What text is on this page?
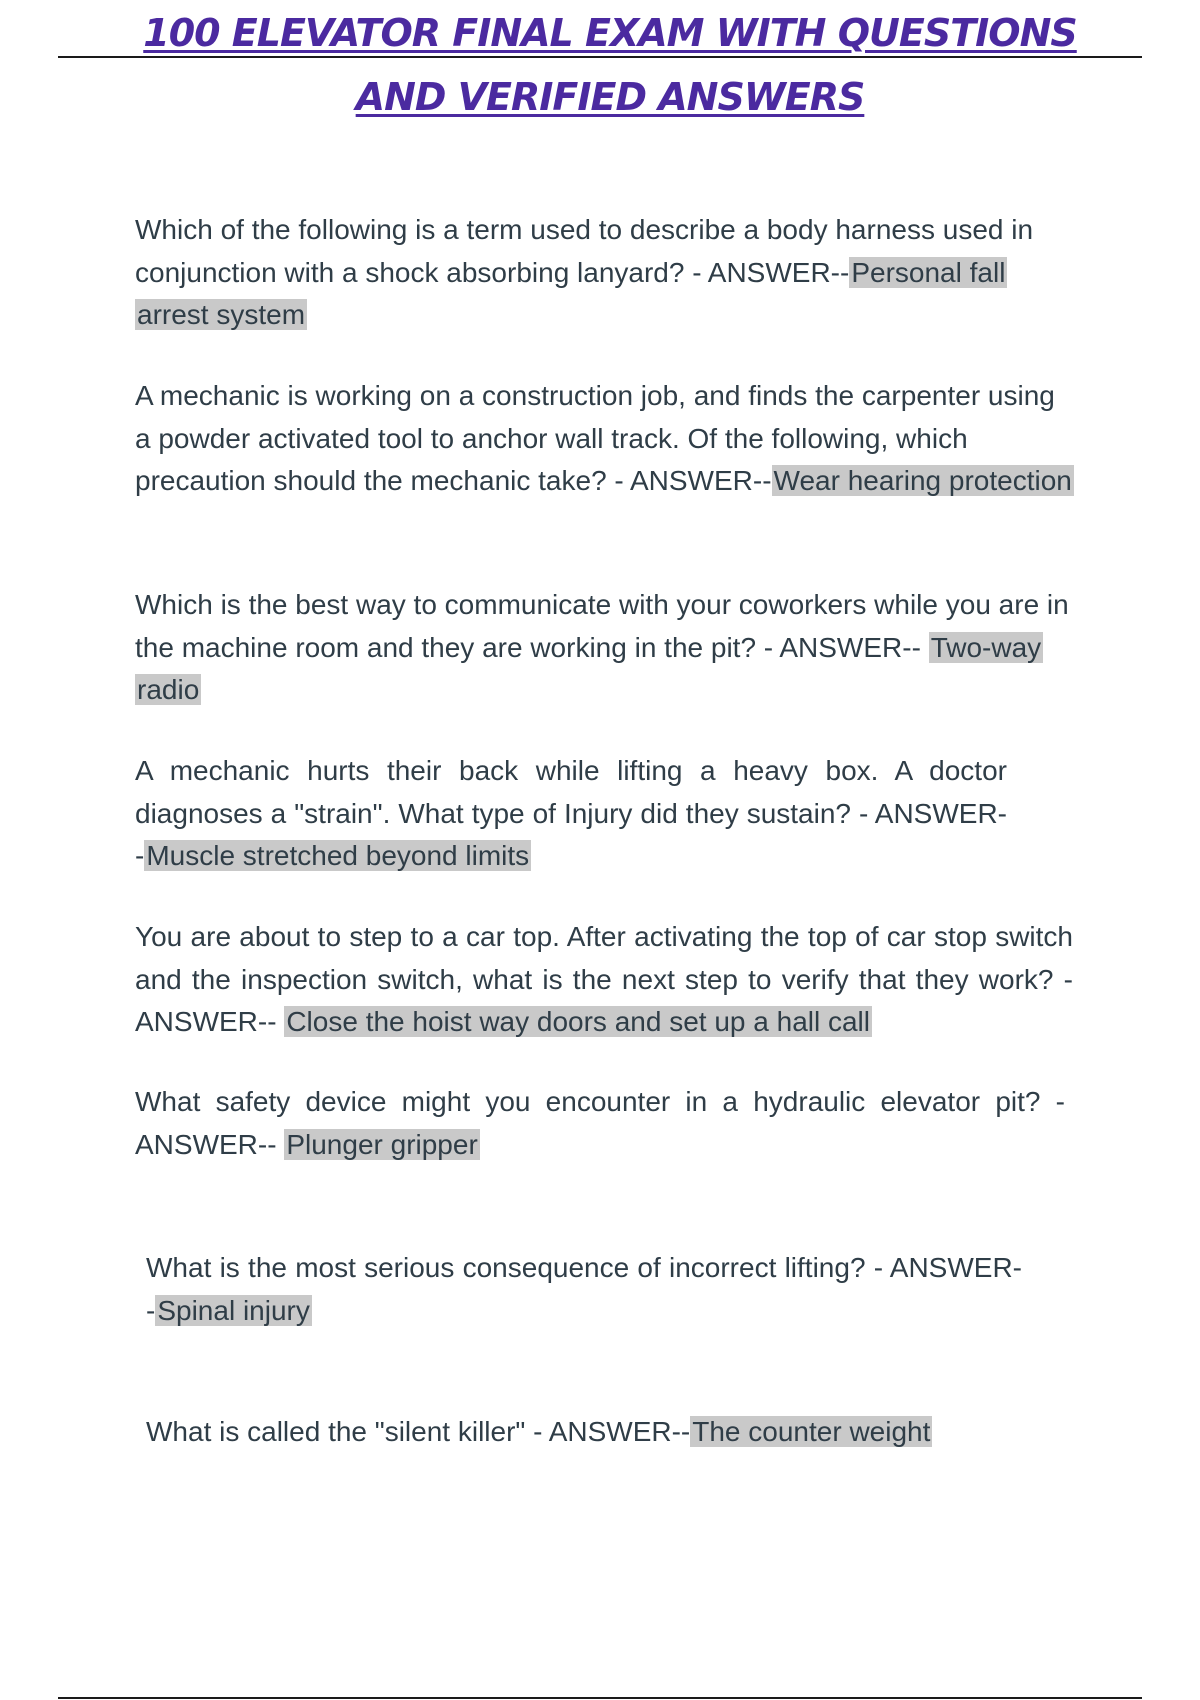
100 ELEVATOR FINAL EXAM WITH QUESTIONS
AND VERIFIED ANSWERS
Which of the following is a term used to describe a body harness used in conjunction with a shock absorbing lanyard? - ANSWER--Personal fall arrest system
A mechanic is working on a construction job, and finds the carpenter using a powder activated tool to anchor wall track. Of the following, which precaution should the mechanic take? - ANSWER--Wear hearing protection
Which is the best way to communicate with your coworkers while you are in the machine room and they are working in the pit? - ANSWER-- Two-way radio
A mechanic hurts their back while lifting a heavy box. A doctor diagnoses a "strain". What type of Injury did they sustain? - ANSWER--Muscle stretched beyond limits
You are about to step to a car top. After activating the top of car stop switch and the inspection switch, what is the next step to verify that they work? - ANSWER-- Close the hoist way doors and set up a hall call
What safety device might you encounter in a hydraulic elevator pit? - ANSWER-- Plunger gripper
What is the most serious consequence of incorrect lifting? - ANSWER--Spinal injury
What is called the "silent killer" - ANSWER--The counter weight
